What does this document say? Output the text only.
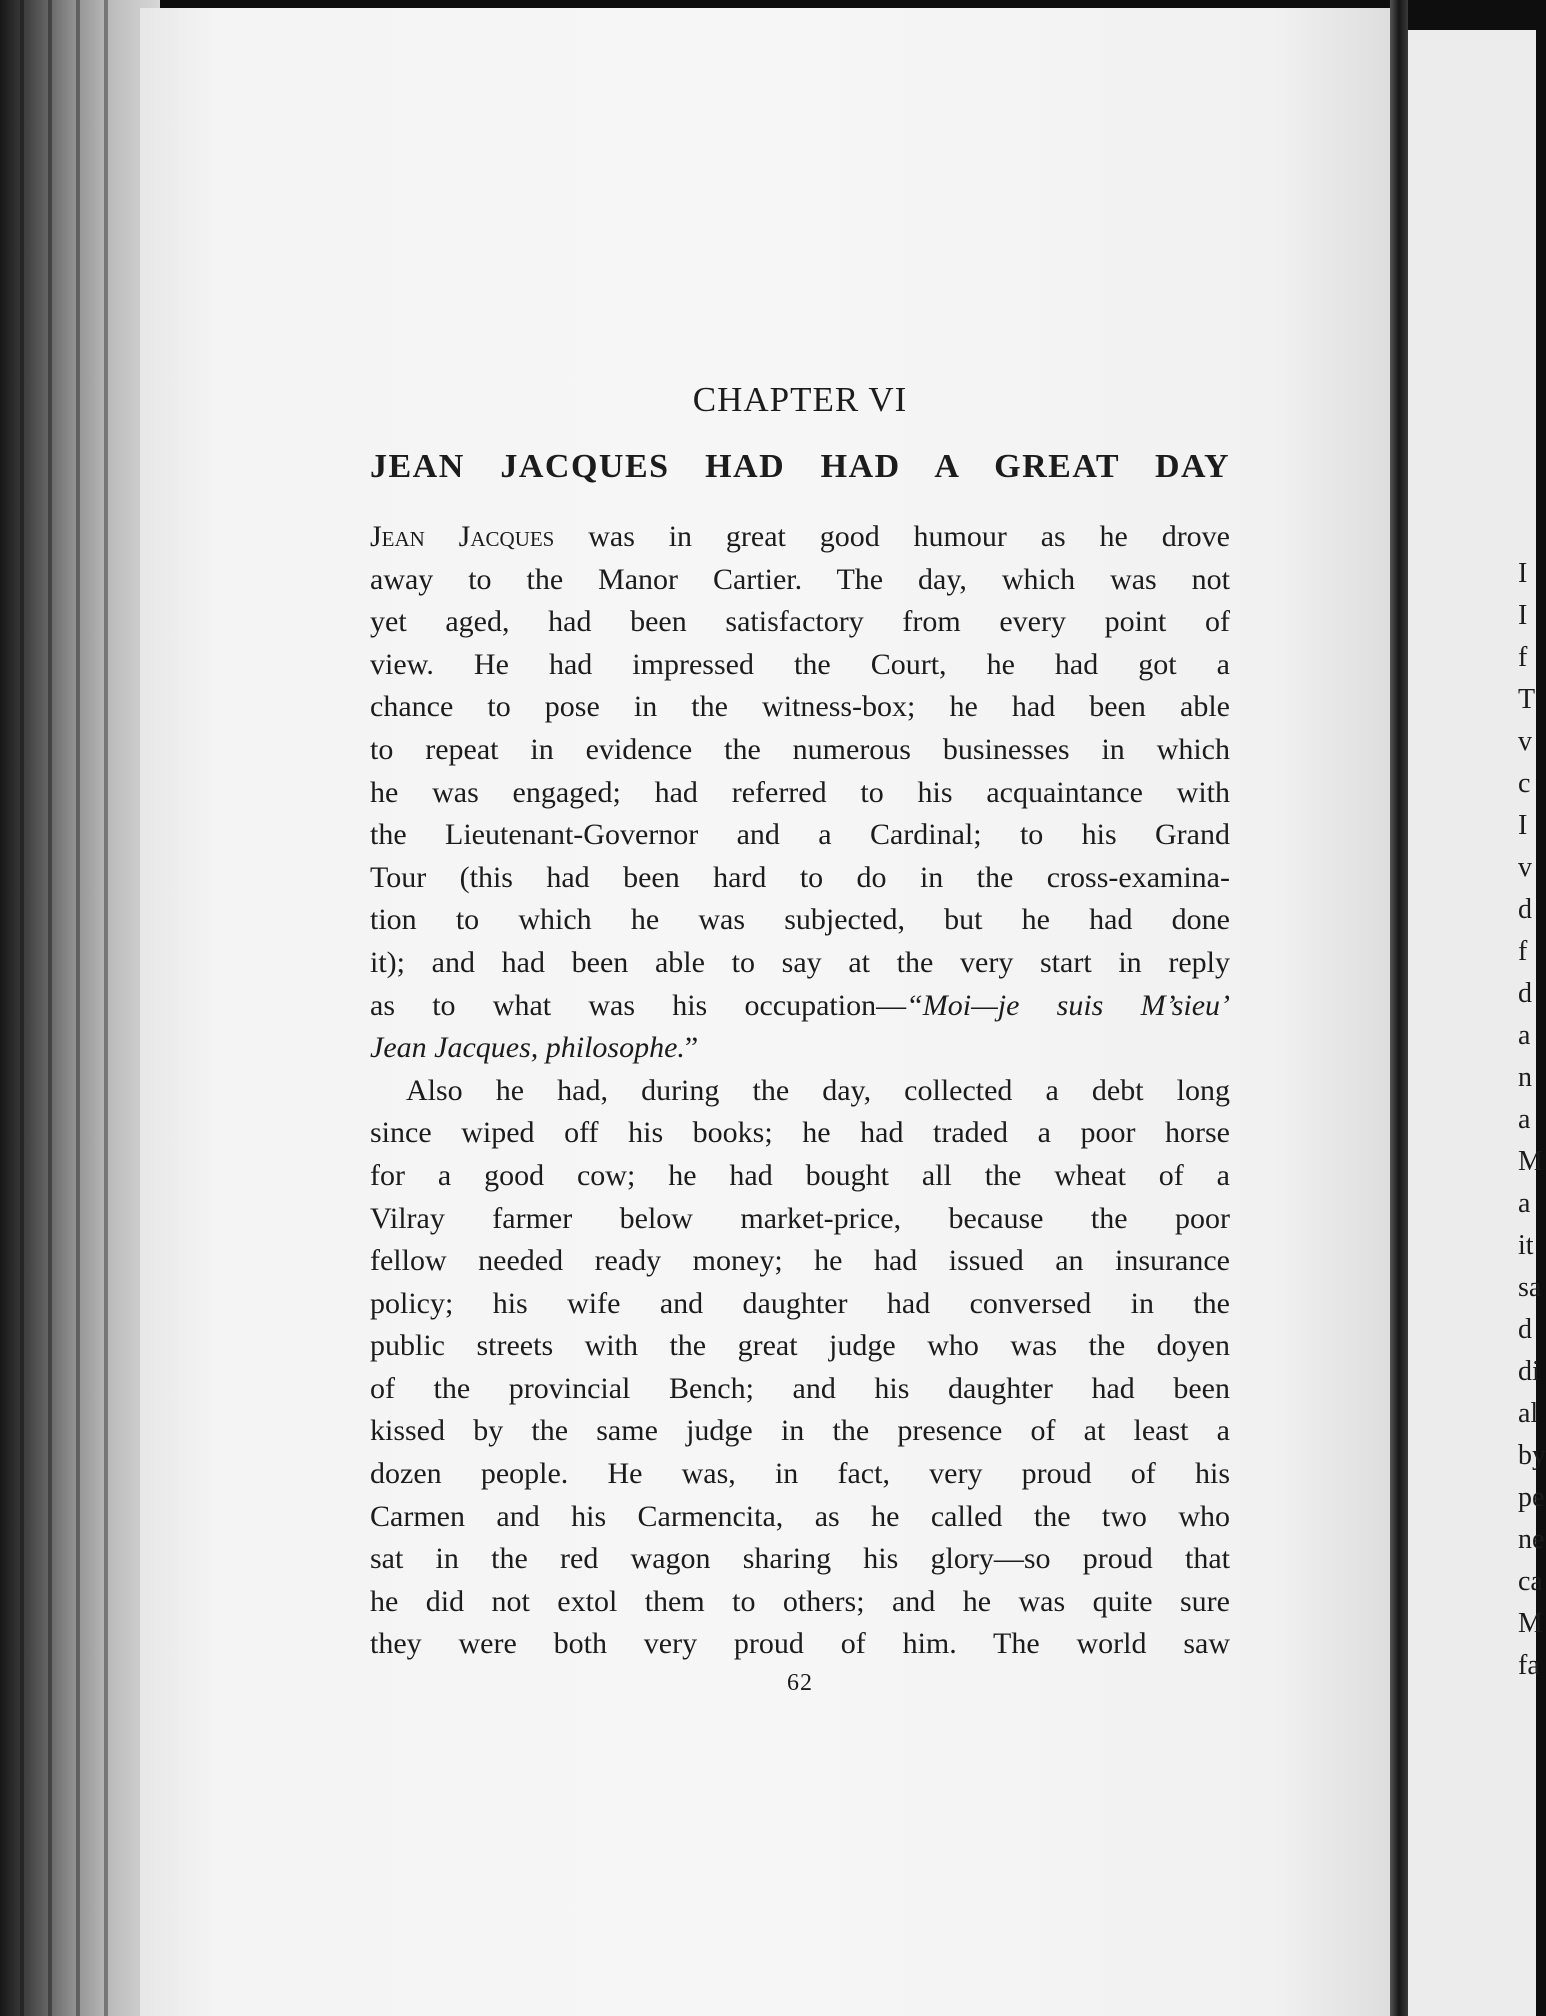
I
I
f
T
v
c
I
v
d
f
d
a
n
a
M
a
it
sa
d
di
al
by
pe
ne
ca
M
fa
CHAPTER VI
JEAN JACQUES HAD HAD A GREAT DAY
Jean Jacques was in great good humour as he drove
away to the Manor Cartier. The day, which was not
yet aged, had been satisfactory from every point of
view. He had impressed the Court, he had got a
chance to pose in the witness-box; he had been able
to repeat in evidence the numerous businesses in which
he was engaged; had referred to his acquaintance with
the Lieutenant-Governor and a Cardinal; to his Grand
Tour (this had been hard to do in the cross-examina-
tion to which he was subjected, but he had done
it); and had been able to say at the very start in reply
as to what was his occupation—“Moi—je suis M’sieu’
Jean Jacques, philosophe.”
Also he had, during the day, collected a debt long
since wiped off his books; he had traded a poor horse
for a good cow; he had bought all the wheat of a
Vilray farmer below market-price, because the poor
fellow needed ready money; he had issued an insurance
policy; his wife and daughter had conversed in the
public streets with the great judge who was the doyen
of the provincial Bench; and his daughter had been
kissed by the same judge in the presence of at least a
dozen people. He was, in fact, very proud of his
Carmen and his Carmencita, as he called the two who
sat in the red wagon sharing his glory—so proud that
he did not extol them to others; and he was quite sure
they were both very proud of him. The world saw
62
